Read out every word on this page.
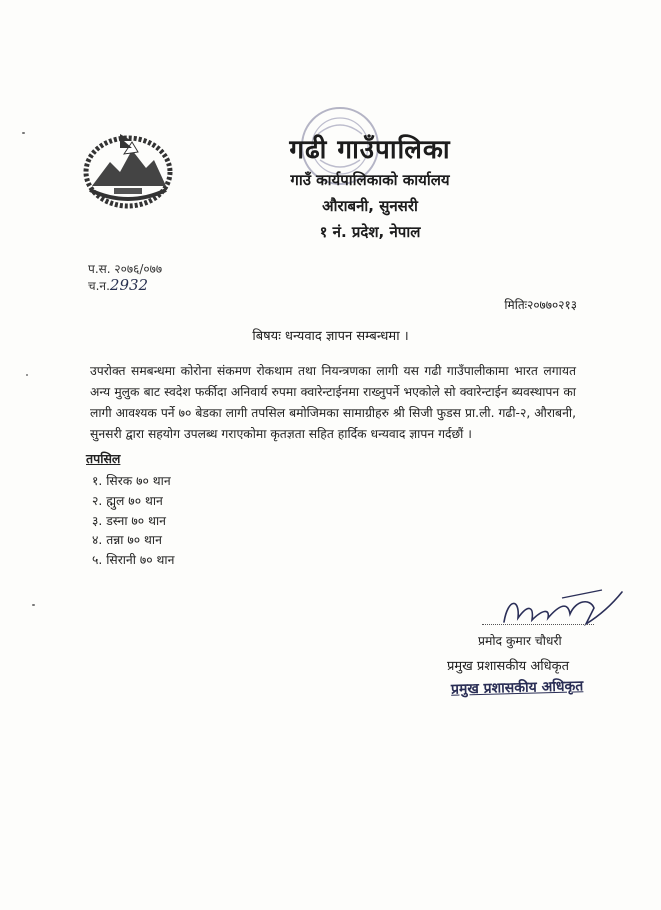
गढी गाउँपालिका
गाउँ कार्यपालिकाको कार्यालय
औराबनी, सुनसरी
१ नं. प्रदेश, नेपाल
प.स. २०७६/०७७
च.न.2932
मितिः२०७७०२१३
बिषयः धन्यवाद ज्ञापन सम्बन्धमा ।
उपरोक्त समबन्धमा कोरोना संकमण रोकथाम तथा नियन्त्रणका लागी यस गढी गाउँपालीकामा भारत लगायत अन्य मुलुक बाट स्वदेश फर्कीदा अनिवार्य रुपमा क्वारेन्टाईनमा राख्नुपर्ने भएकोले सो क्वारेन्टाईन ब्यवस्थापन का लागी आवश्यक पर्ने ७० बेडका लागी तपसिल बमोजिमका सामाग्रीहरु श्री सिजी फुडस प्रा.ली. गढी-२, औराबनी, सुनसरी द्वारा सहयोग उपलब्ध गराएकोमा कृतज्ञता सहित हार्दिक धन्यवाद ज्ञापन गर्दछौं ।
तपसिल
१. सिरक ७० थान
२. ह्मुल ७० थान
३. डस्ना ७० थान
४. तन्ना ७० थान
५. सिरानी ७० थान
प्रमोद कुमार चौधरी
प्रमुख प्रशासकीय अधिकृत
प्रमुख प्रशासकीय अधिकृत
